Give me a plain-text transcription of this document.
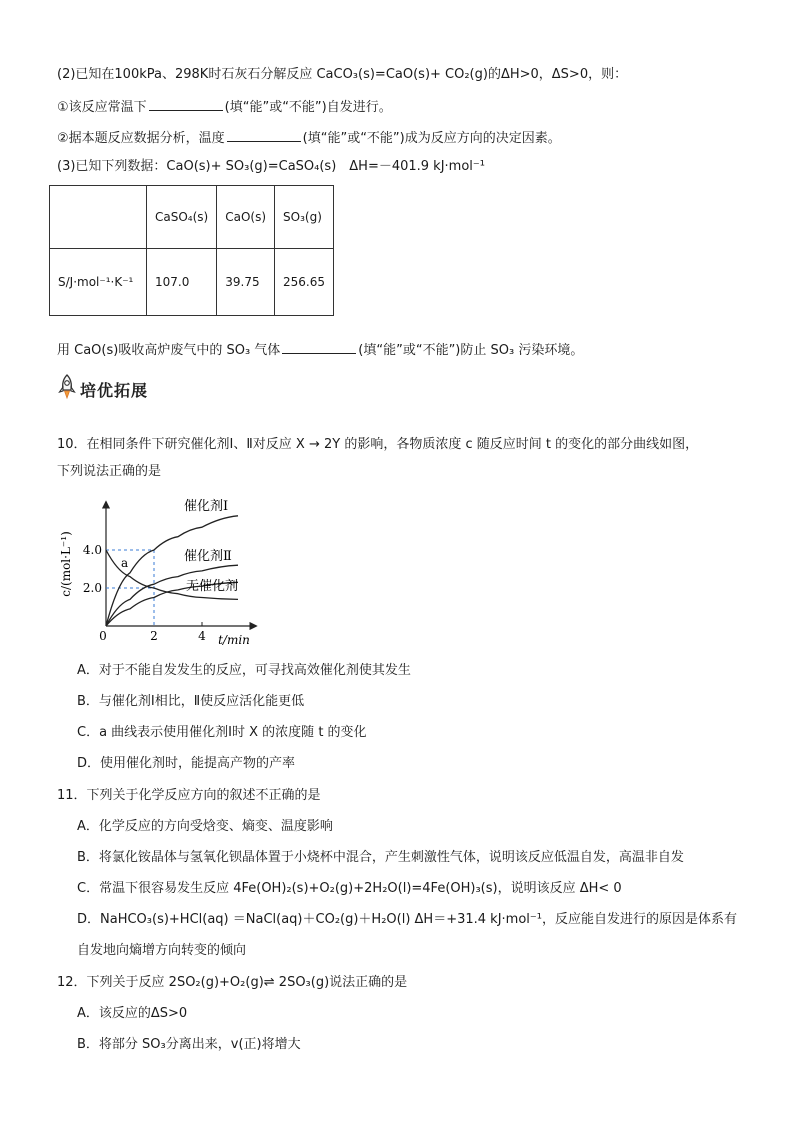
(2)已知在100kPa、298K时石灰石分解反应 CaCO₃(s)=CaO(s)+ CO₂(g)的ΔH>0，ΔS>0，则：
①该反应常温下	(填“能”或“不能”)自发进行。
②据本题反应数据分析，温度	(填“能”或“不能”)成为反应方向的决定因素。
(3)已知下列数据：CaO(s)+ SO₃(g)=CaSO₄(s)　ΔH=－401.9 kJ·mol⁻¹
	CaSO₄(s)	CaO(s)	SO₃(g)
S/J·mol⁻¹·K⁻¹	107.0	39.75	256.65
用 CaO(s)吸收高炉废气中的 SO₃ 气体	(填“能”或“不能”)防止 SO₃ 污染环境。
培优拓展
10．在相同条件下研究催化剂Ⅰ、Ⅱ对反应 X → 2Y 的影响，各物质浓度 c 随反应时间 t 的变化的部分曲线如图，
下列说法正确的是
0	2	4
2.0
4.0
t/min
c/(mol·L⁻¹)
催化剂Ⅰ
催化剂Ⅱ
无催化剂
a
A．对于不能自发发生的反应，可寻找高效催化剂使其发生
B．与催化剂Ⅰ相比，Ⅱ使反应活化能更低
C．a 曲线表示使用催化剂Ⅰ时 X 的浓度随 t 的变化
D．使用催化剂时，能提高产物的产率
11．下列关于化学反应方向的叙述不正确的是
A．化学反应的方向受焓变、熵变、温度影响
B．将氯化铵晶体与氢氧化钡晶体置于小烧杯中混合，产生刺激性气体，说明该反应低温自发，高温非自发
C．常温下很容易发生反应 4Fe(OH)₂(s)+O₂(g)+2H₂O(l)=4Fe(OH)₃(s)，说明该反应 ΔH< 0
D．NaHCO₃(s)+HCl(aq) ＝NaCl(aq)＋CO₂(g)＋H₂O(l) ΔH＝+31.4 kJ·mol⁻¹，反应能自发进行的原因是体系有
自发地向熵增方向转变的倾向
12．下列关于反应 2SO₂(g)+O₂(g)⇌ 2SO₃(g)说法正确的是
A．该反应的ΔS>0
B．将部分 SO₃分离出来，v(正)将增大
